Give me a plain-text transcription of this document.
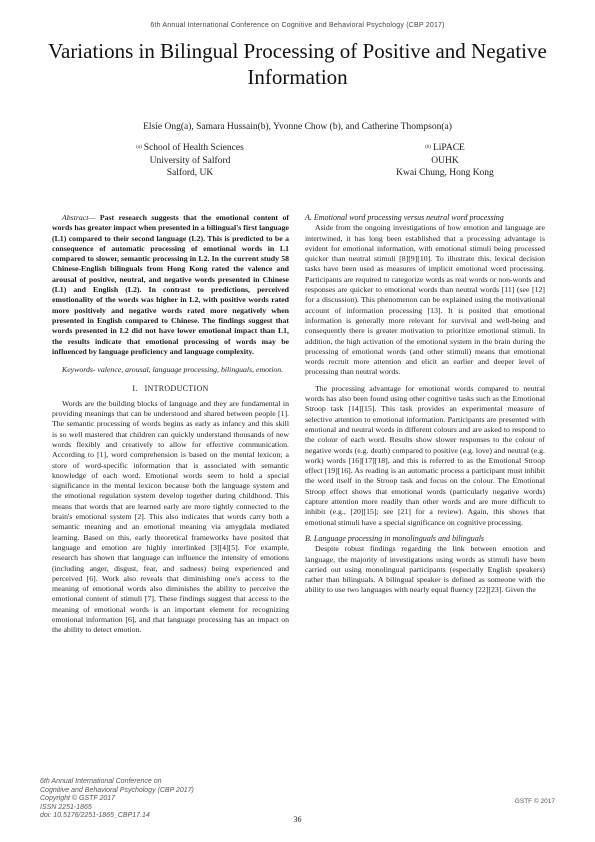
6th Annual International Conference on Cognitive and Behavioral Psychology (CBP 2017)
Variations in Bilingual Processing of Positive and Negative Information
Elsie Ong(a), Samara Hussain(b), Yvonne Chow (b), and Catherine Thompson(a)
$^{(a)}$ School of Health Sciences
University of Salford
Salford, UK
$^{(b)}$ LiPACE
OUHK
Kwai Chung, Hong Kong

Abstract— Past research suggests that the emotional content of words has greater impact when presented in a bilingual's first language (L1) compared to their second language (L2). This is predicted to be a consequence of automatic processing of emotional words in L1 compared to slower, semantic processing in L2. In the current study 58 Chinese-English bilinguals from Hong Kong rated the valence and arousal of positive, neutral, and negative words presented in Chinese (L1) and English (L2). In contrast to predictions, perceived emotionality of the words was higher in L2, with positive words rated more positively and negative words rated more negatively when presented in English compared to Chinese. The findings suggest that words presented in L2 did not have lower emotional impact than L1, the results indicate that emotional processing of words may be influenced by language proficiency and language complexity.

Keywords- valence, arousal, language processing, bilinguals, emotion.

I. INTRODUCTION

Words are the building blocks of language and they are fundamental in providing meanings that can be understood and shared between people [1]. The semantic processing of words begins as early as infancy and this skill is so well mastered that children can quickly understand thousands of new words flexibly and creatively to allow for effective communication. According to [1], word comprehension is based on the mental lexicon; a store of word-specific information that is associated with semantic knowledge of each word. Emotional words seem to hold a special significance in the mental lexicon because both the language system and the emotional regulation system develop together during childhood. This means that words that are learned early are more tightly connected to the brain's emotional system [2]. This also indicates that words carry both a semantic meaning and an emotional meaning via amygdala mediated learning. Based on this, early theoretical frameworks have posited that language and emotion are highly interlinked [3][4][5]. For example, research has shown that language can influence the intensity of emotions (including anger, disgust, fear, and sadness) being experienced and perceived [6]. Work also reveals that diminishing one's access to the meaning of emotional words also diminishes the ability to perceive the emotional content of stimuli [7]. These findings suggest that access to the meaning of emotional words is an important element for recognizing emotional information [6], and that language processing has an impact on the ability to detect emotion.

A. Emotional word processing versus neutral word processing

Aside from the ongoing investigations of how emotion and language are intertwined, it has long been established that a processing advantage is evident for emotional information, with emotional stimuli being processed quicker than neutral stimuli [8][9][10]. To illustrate this, lexical decision tasks have been used as measures of implicit emotional word processing. Participants are required to categorize words as real words or non-words and responses are quicker to emotional words than neutral words [11] (see [12] for a discussion). This phenomenon can be explained using the motivational account of information processing [13]. It is posited that emotional information is generally more relevant for survival and well-being and consequently there is greater motivation to prioritize emotional stimuli. In addition, the high activation of the emotional system in the brain during the processing of emotional words (and other stimuli) means that emotional words recruit more attention and elicit an earlier and deeper level of processing than neutral words.

The processing advantage for emotional words compared to neutral words has also been found using other cognitive tasks such as the Emotional Stroop task [14][15]. This task provides an experimental measure of selective attention to emotional information. Participants are presented with emotional and neutral words in different colours and are asked to respond to the colour of each word. Results show slower responses to the colour of negative words (e.g. death) compared to positive (e.g. love) and neutral (e.g. work) words [16][17][18], and this is referred to as the Emotional Stroop effect [19][16]. As reading is an automatic process a participant must inhibit the word itself in the Stroop task and focus on the colour. The Emotional Stroop effect shows that emotional words (particularly negative words) capture attention more readily than other words and are more difficult to inhibit (e.g., [20][15]; see [21] for a review). Again, this shows that emotional stimuli have a special significance on cognitive processing.

B. Language processing in monolinguals and bilinguals

Despite robust findings regarding the link between emotion and language, the majority of investigations using words as stimuli have been carried out using monolingual participants (especially English speakers) rather than bilinguals. A bilingual speaker is defined as someone with the ability to use two languages with nearly equal fluency [22][23]. Given the

6th Annual International Conference on
Cognitive and Behavioral Psychology (CBP 2017)
Copyright © GSTF 2017
ISSN 2251-1865
doi: 10.5176/2251-1865_CBP17.14
GSTF © 2017
36
